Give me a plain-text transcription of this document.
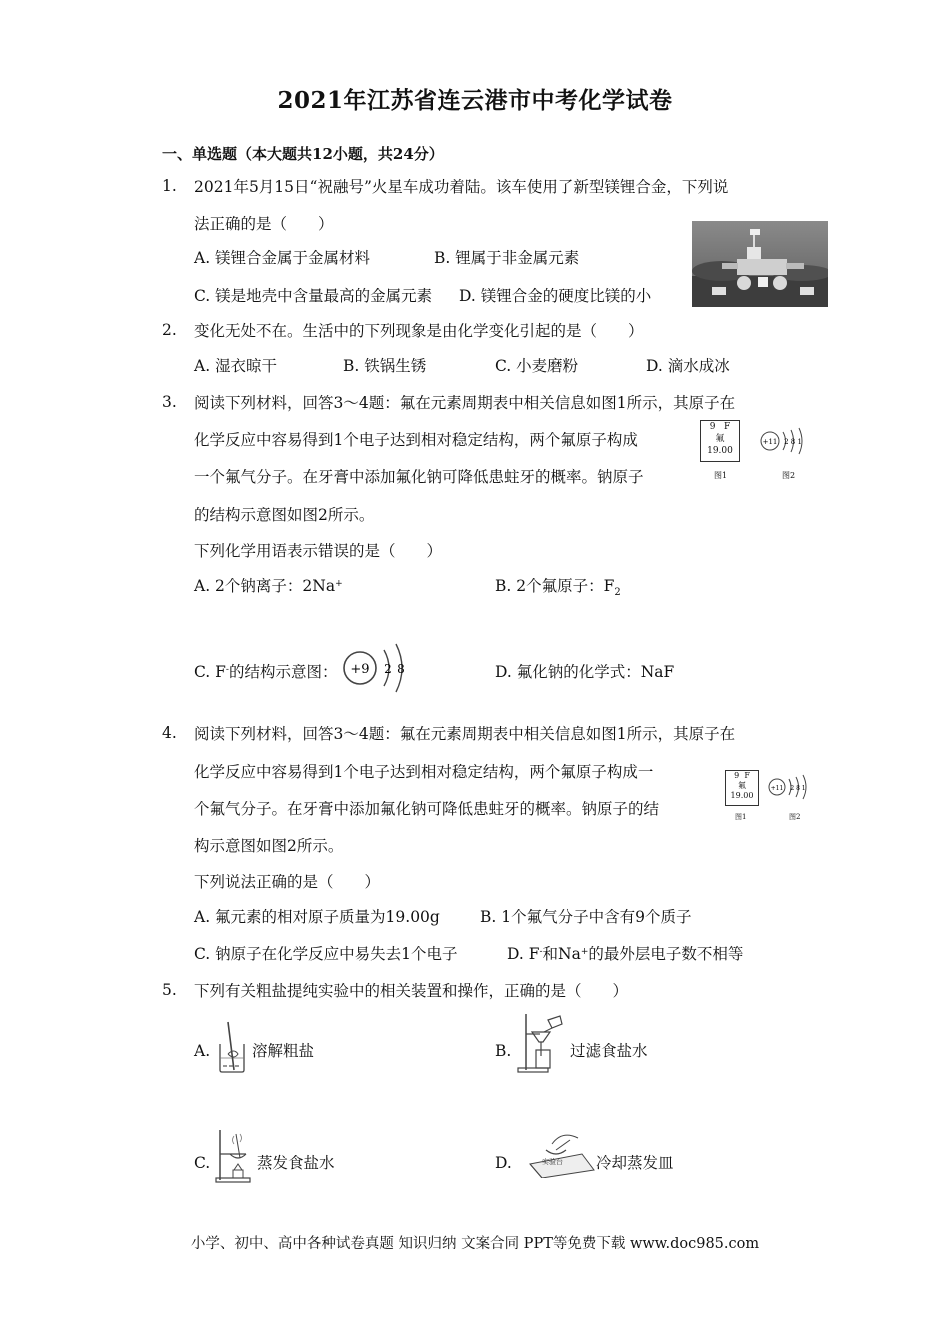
2021年江苏省连云港市中考化学试卷
一、单选题（本大题共12小题，共24分）
1. 2021年5月15日“祝融号”火星车成功着陆。该车使用了新型镁锂合金，下列说
法正确的是（　　）
A. 镁锂合金属于金属材料	B. 锂属于非金属元素
C. 镁是地壳中含量最高的金属元素 D. 镁锂合金的硬度比镁的小
2. 变化无处不在。生活中的下列现象是由化学变化引起的是（　　）
A. 湿衣晾干	B. 铁锅生锈	C. 小麦磨粉	D. 滴水成冰
3. 阅读下列材料，回答3～4题：氟在元素周期表中相关信息如图1所示，其原子在
化学反应中容易得到1个电子达到相对稳定结构，两个氟原子构成
一个氟气分子。在牙膏中添加氟化钠可降低患蛀牙的概率。钠原子
的结构示意图如图2所示。
下列化学用语表示错误的是（　　）
9 F
氟
19.00
+11 2 8 1
图1	图2
A. 2个钠离子：2Na+	B. 2个氟原子：$F_2$
C. F-的结构示意图： +9 2 8	D. 氟化钠的化学式：NaF
4. 阅读下列材料，回答3～4题：氟在元素周期表中相关信息如图1所示，其原子在
化学反应中容易得到1个电子达到相对稳定结构，两个氟原子构成一
个氟气分子。在牙膏中添加氟化钠可降低患蛀牙的概率。钠原子的结
构示意图如图2所示。
下列说法正确的是（　　）
9 F
氟
19.00
+11 2 8 1
图1	图2
A. 氟元素的相对原子质量为19.00g	B. 1个氟气分子中含有9个质子
C. 钠原子在化学反应中易失去1个电子	D. F-和Na+的最外层电子数不相等
5. 下列有关粗盐提纯实验中的相关装置和操作，正确的是（　　）
A.	溶解粗盐	B.	过滤食盐水
C.	蒸发食盐水	D.	实验台 冷却蒸发皿
小学、初中、高中各种试卷真题 知识归纳 文案合同 PPT等免费下载 www.doc985.com
